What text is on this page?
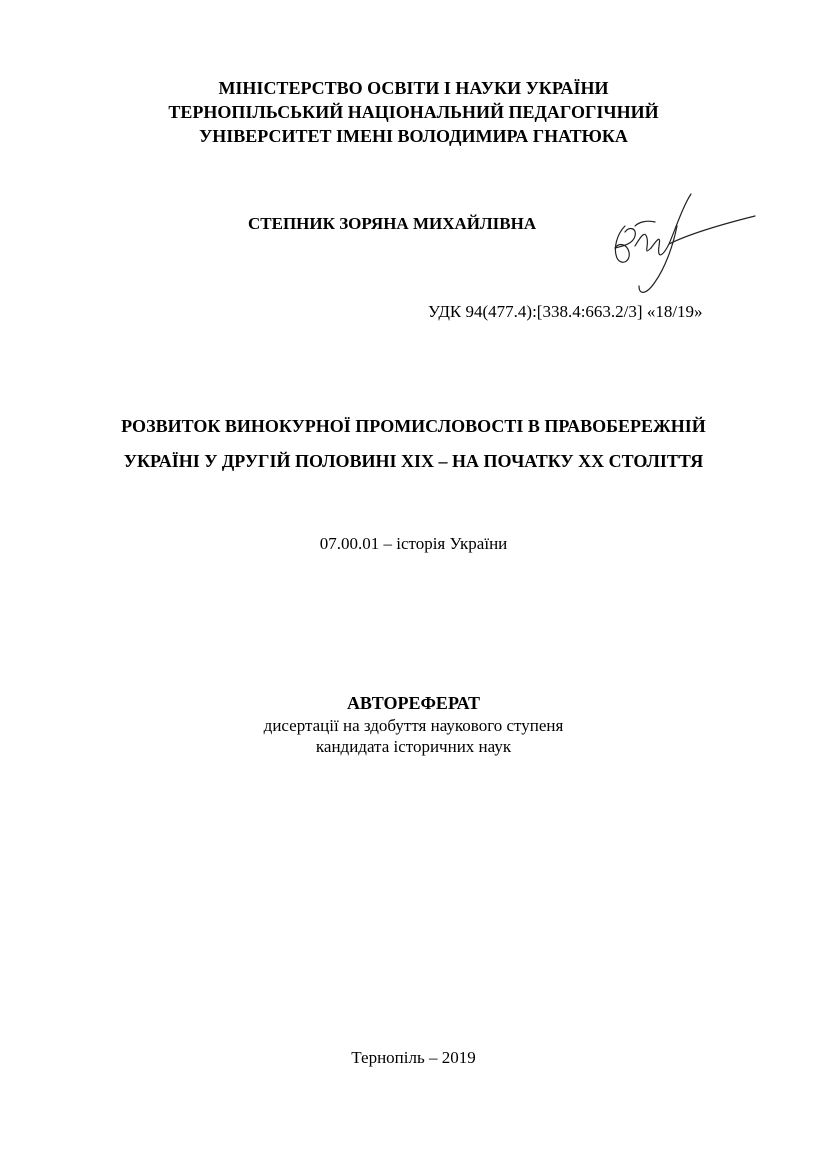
МІНІСТЕРСТВО ОСВІТИ І НАУКИ УКРАЇНИ
ТЕРНОПІЛЬСЬКИЙ НАЦІОНАЛЬНИЙ ПЕДАГОГІЧНИЙ
УНІВЕРСИТЕТ ІМЕНІ ВОЛОДИМИРА ГНАТЮКА
СТЕПНИК ЗОРЯНА МИХАЙЛІВНА
УДК 94(477.4):[338.4:663.2/3] «18/19»
РОЗВИТОК ВИНОКУРНОЇ ПРОМИСЛОВОСТІ В ПРАВОБЕРЕЖНІЙ
УКРАЇНІ У ДРУГІЙ ПОЛОВИНІ ХІХ – НА ПОЧАТКУ ХХ СТОЛІТТЯ
07.00.01 – історія України
АВТОРЕФЕРАТ
дисертації на здобуття наукового ступеня
кандидата історичних наук
Тернопіль – 2019
